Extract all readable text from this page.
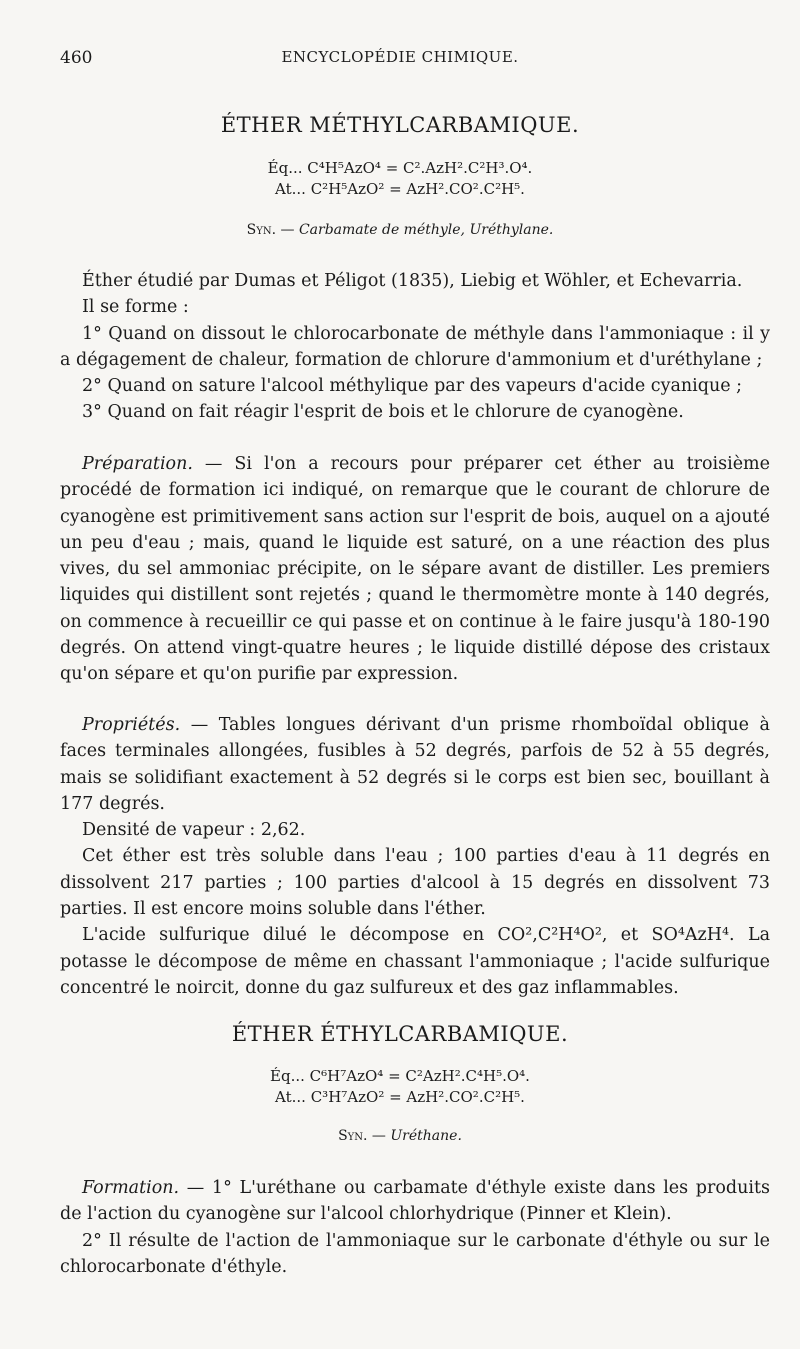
460	ENCYCLOPÉDIE CHIMIQUE.
ÉTHER MÉTHYLCARBAMIQUE.
Éq... C⁴H⁵AzO⁴ = C².AzH².C²H³.O⁴.
At... C²H⁵AzO² = AzH².CO².C²H⁵.
Syn. — Carbamate de méthyle, Uréthylane.

Éther étudié par Dumas et Péligot (1835), Liebig et Wöhler, et Echevarria.

Il se forme :

1° Quand on dissout le chlorocarbonate de méthyle dans l'ammoniaque : il y a dégagement de chaleur, formation de chlorure d'ammonium et d'uréthylane ;

2° Quand on sature l'alcool méthylique par des vapeurs d'acide cyanique ;

3° Quand on fait réagir l'esprit de bois et le chlorure de cyanogène.

Préparation. — Si l'on a recours pour préparer cet éther au troisième procédé de formation ici indiqué, on remarque que le courant de chlorure de cyanogène est primitivement sans action sur l'esprit de bois, auquel on a ajouté un peu d'eau ; mais, quand le liquide est saturé, on a une réaction des plus vives, du sel ammoniac précipite, on le sépare avant de distiller. Les premiers liquides qui distillent sont rejetés ; quand le thermomètre monte à 140 degrés, on commence à recueillir ce qui passe et on continue à le faire jusqu'à 180-190 degrés. On attend vingt-quatre heures ; le liquide distillé dépose des cristaux qu'on sépare et qu'on purifie par expression.

Propriétés. — Tables longues dérivant d'un prisme rhomboïdal oblique à faces terminales allongées, fusibles à 52 degrés, parfois de 52 à 55 degrés, mais se solidifiant exactement à 52 degrés si le corps est bien sec, bouillant à 177 degrés.

Densité de vapeur : 2,62.

Cet éther est très soluble dans l'eau ; 100 parties d'eau à 11 degrés en dissolvent 217 parties ; 100 parties d'alcool à 15 degrés en dissolvent 73 parties. Il est encore moins soluble dans l'éther.

L'acide sulfurique dilué le décompose en CO²,C²H⁴O², et SO⁴AzH⁴. La potasse le décompose de même en chassant l'ammoniaque ; l'acide sulfurique concentré le noircit, donne du gaz sulfureux et des gaz inflammables.

ÉTHER ÉTHYLCARBAMIQUE.
Éq... C⁶H⁷AzO⁴ = C²AzH².C⁴H⁵.O⁴.
At... C³H⁷AzO² = AzH².CO².C²H⁵.
Syn. — Uréthane.

Formation. — 1° L'uréthane ou carbamate d'éthyle existe dans les produits de l'action du cyanogène sur l'alcool chlorhydrique (Pinner et Klein).

2° Il résulte de l'action de l'ammoniaque sur le carbonate d'éthyle ou sur le chlorocarbonate d'éthyle.
